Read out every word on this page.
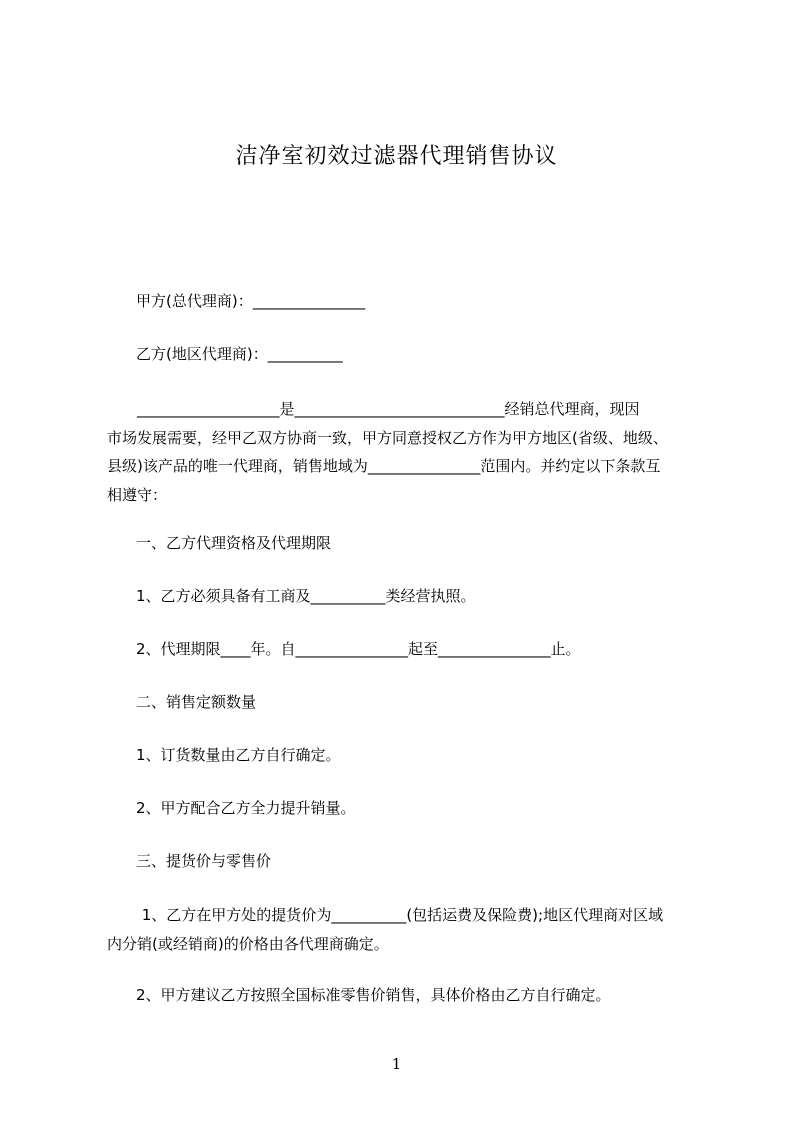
洁净室初效过滤器代理销售协议
甲方(总代理商)：_______________
乙方(地区代理商)：__________
___________________是____________________________经销总代理商，现因
市场发展需要，经甲乙双方协商一致，甲方同意授权乙方作为甲方地区(省级、地级、
县级)该产品的唯一代理商，销售地域为_______________范围内。并约定以下条款互
相遵守：
一、乙方代理资格及代理期限
1、乙方必须具备有工商及__________类经营执照。
2、代理期限____年。自_______________起至_______________止。
二、销售定额数量
1、订货数量由乙方自行确定。
2、甲方配合乙方全力提升销量。
三、提货价与零售价
1、乙方在甲方处的提货价为__________(包括运费及保险费);地区代理商对区域
内分销(或经销商)的价格由各代理商确定。
2、甲方建议乙方按照全国标准零售价销售，具体价格由乙方自行确定。
1
